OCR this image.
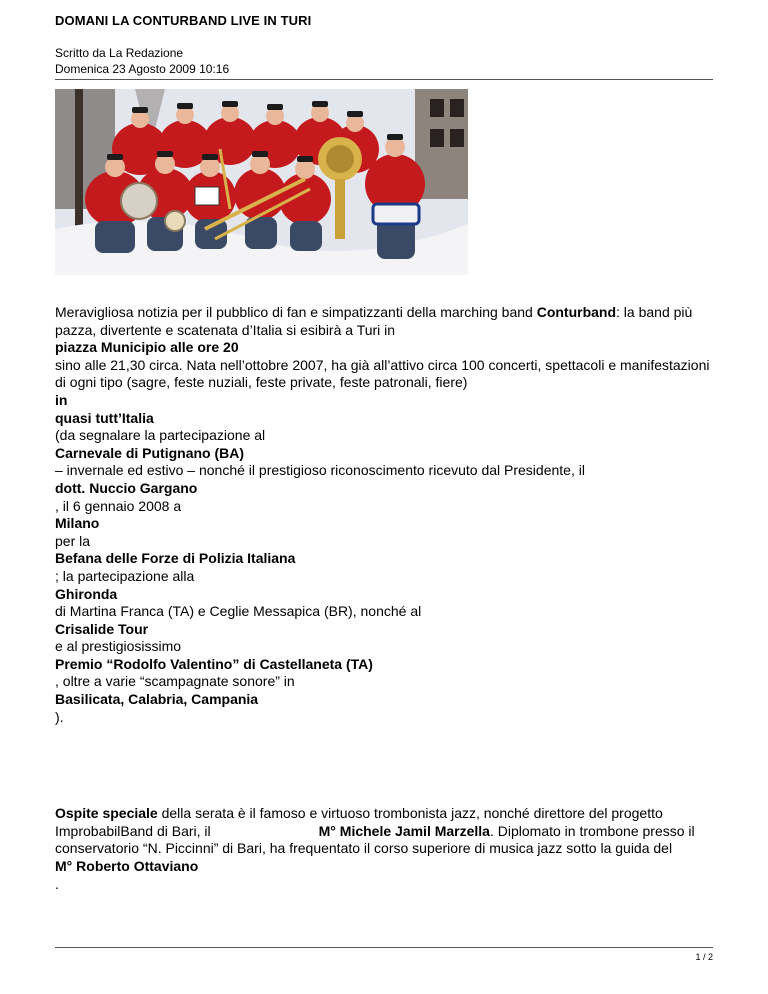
DOMANI LA CONTURBAND LIVE IN TURI
Scritto da La Redazione
Domenica 23 Agosto 2009 10:16

Meravigliosa notizia per il pubblico di fan e simpatizzanti della marching band Conturband: la band più pazza, divertente e scatenata d’Italia si esibirà a Turi in
piazza Municipio alle ore 20
sino alle 21,30 circa. Nata nell’ottobre 2007, ha già all’attivo circa 100 concerti, spettacoli e manifestazioni di ogni tipo (sagre, feste nuziali, feste private, feste patronali, fiere)
in
quasi tutt’Italia
(da segnalare la partecipazione al
Carnevale di Putignano (BA)
– invernale ed estivo – nonché il prestigioso riconoscimento ricevuto dal Presidente, il
dott. Nuccio Gargano
, il 6 gennaio 2008 a
Milano
per la
Befana delle Forze di Polizia Italiana
; la partecipazione alla
Ghironda
di Martina Franca (TA) e Ceglie Messapica (BR), nonché al
Crisalide Tour
e al prestigiosissimo
Premio “Rodolfo Valentino” di Castellaneta (TA)
, oltre a varie “scampagnate sonore” in
Basilicata, Calabria, Campania
).

Ospite speciale della serata è il famoso e virtuoso trombonista jazz, nonché direttore del progetto ImprobabilBand di Bari, il	M° Michele Jamil Marzella. Diplomato in trombone presso il conservatorio “N. Piccinni” di Bari, ha frequentato il corso superiore di musica jazz sotto la guida del
M° Roberto Ottaviano
.

1 / 2
